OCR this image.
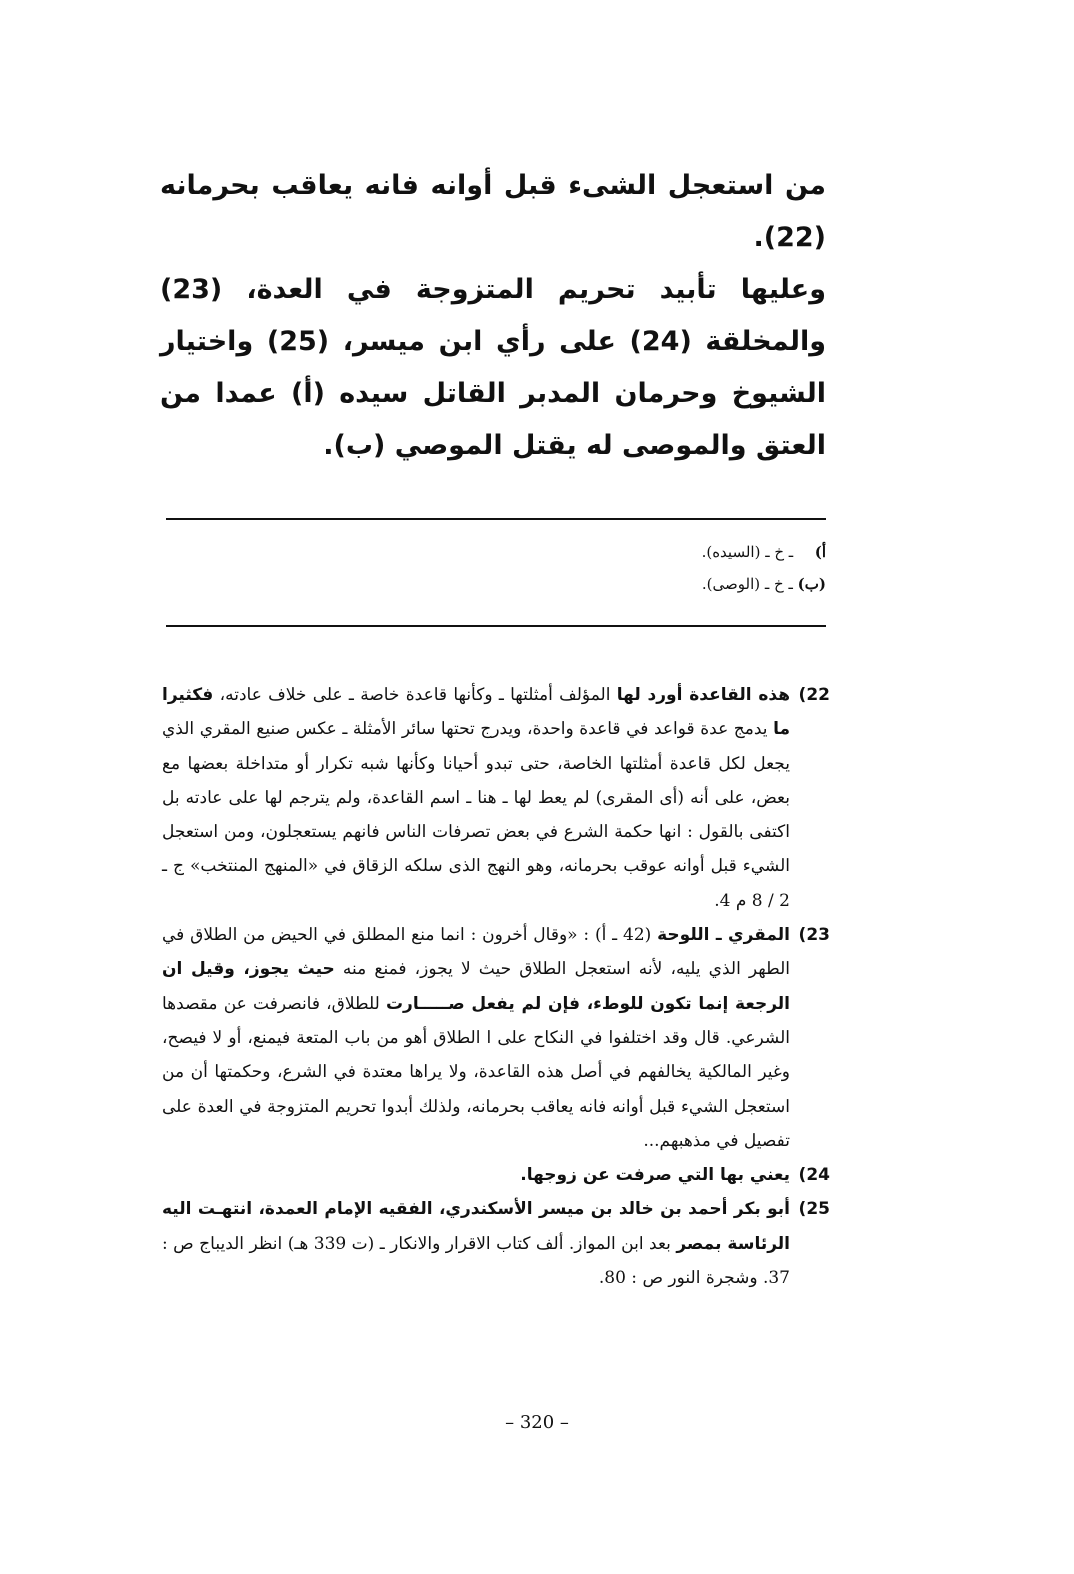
من استعجل الشىء قبل أوانه فانه يعاقب بحرمانه (22).

وعليها تأبيد تحريم المتزوجة في العدة، (23) والمخلقة (24) على رأي ابن ميسر، (25) واختيار الشيوخ وحرمان المدبر القاتل سيده (أ) عمدا من العتق والموصى له يقتل الموصي (ب).

أ) ـ خ ـ (السيده).
(ب) ـ خ ـ (الوصى).
22)
هذه القاعدة أورد لها المؤلف أمثلتها ـ وكأنها قاعدة خاصة ـ على خلاف عادته، فكثيرا ما يدمج عدة قواعد في قاعدة واحدة، ويدرج تحتها سائر الأمثلة ـ عكس صنيع المقري الذي يجعل لكل قاعدة أمثلتها الخاصة، حتى تبدو أحيانا وكأنها شبه تكرار أو متداخلة بعضها مع بعض، على أنه (أى المقرى) لم يعط لها ـ هنا ـ اسم القاعدة، ولم يترجم لها على عادته بل اكتفى بالقول : انها حكمة الشرع في بعض تصرفات الناس فانهم يستعجلون، ومن استعجل الشيء قبل أوانه عوقب بحرمانه، وهو النهج الذى سلكه الزقاق في «المنهج المنتخب» ج ـ 2 / 8 م 4.
23)
المقري ـ اللوحة (42 ـ أ) : «وقال أخرون : انما منع المطلق في الحيض من الطلاق في الطهر الذي يليه، لأنه استعجل الطلاق حيث لا يجوز، فمنع منه حيث يجوز، وقيل ان الرجعة إنما تكون للوطء، فإن لم يفعل صـــــارت للطلاق، فانصرفت عن مقصدها الشرعي. قال وقد اختلفوا في النكاح على ا الطلاق أهو من باب المتعة فيمنع، أو لا فيصح، وغير المالكية يخالفهم في أصل هذه القاعدة، ولا يراها معتدة في الشرع، وحكمتها أن من استعجل الشيء قبل أوانه فانه يعاقب بحرمانه، ولذلك أبدوا تحريم المتزوجة في العدة على تفصيل في مذهبهم...
24)
يعني بها التي صرفت عن زوجها.
25)
أبو بكر أحمد بن خالد بن ميسر الأسكندري، الفقيه الإمام العمدة، انتهـت اليه الرئاسة بمصر بعد ابن المواز. ألف كتاب الاقرار والانكار ـ (ت 339 هـ) انظر الديباج ص : 37. وشجرة النور ص : 80.
– 320 –
